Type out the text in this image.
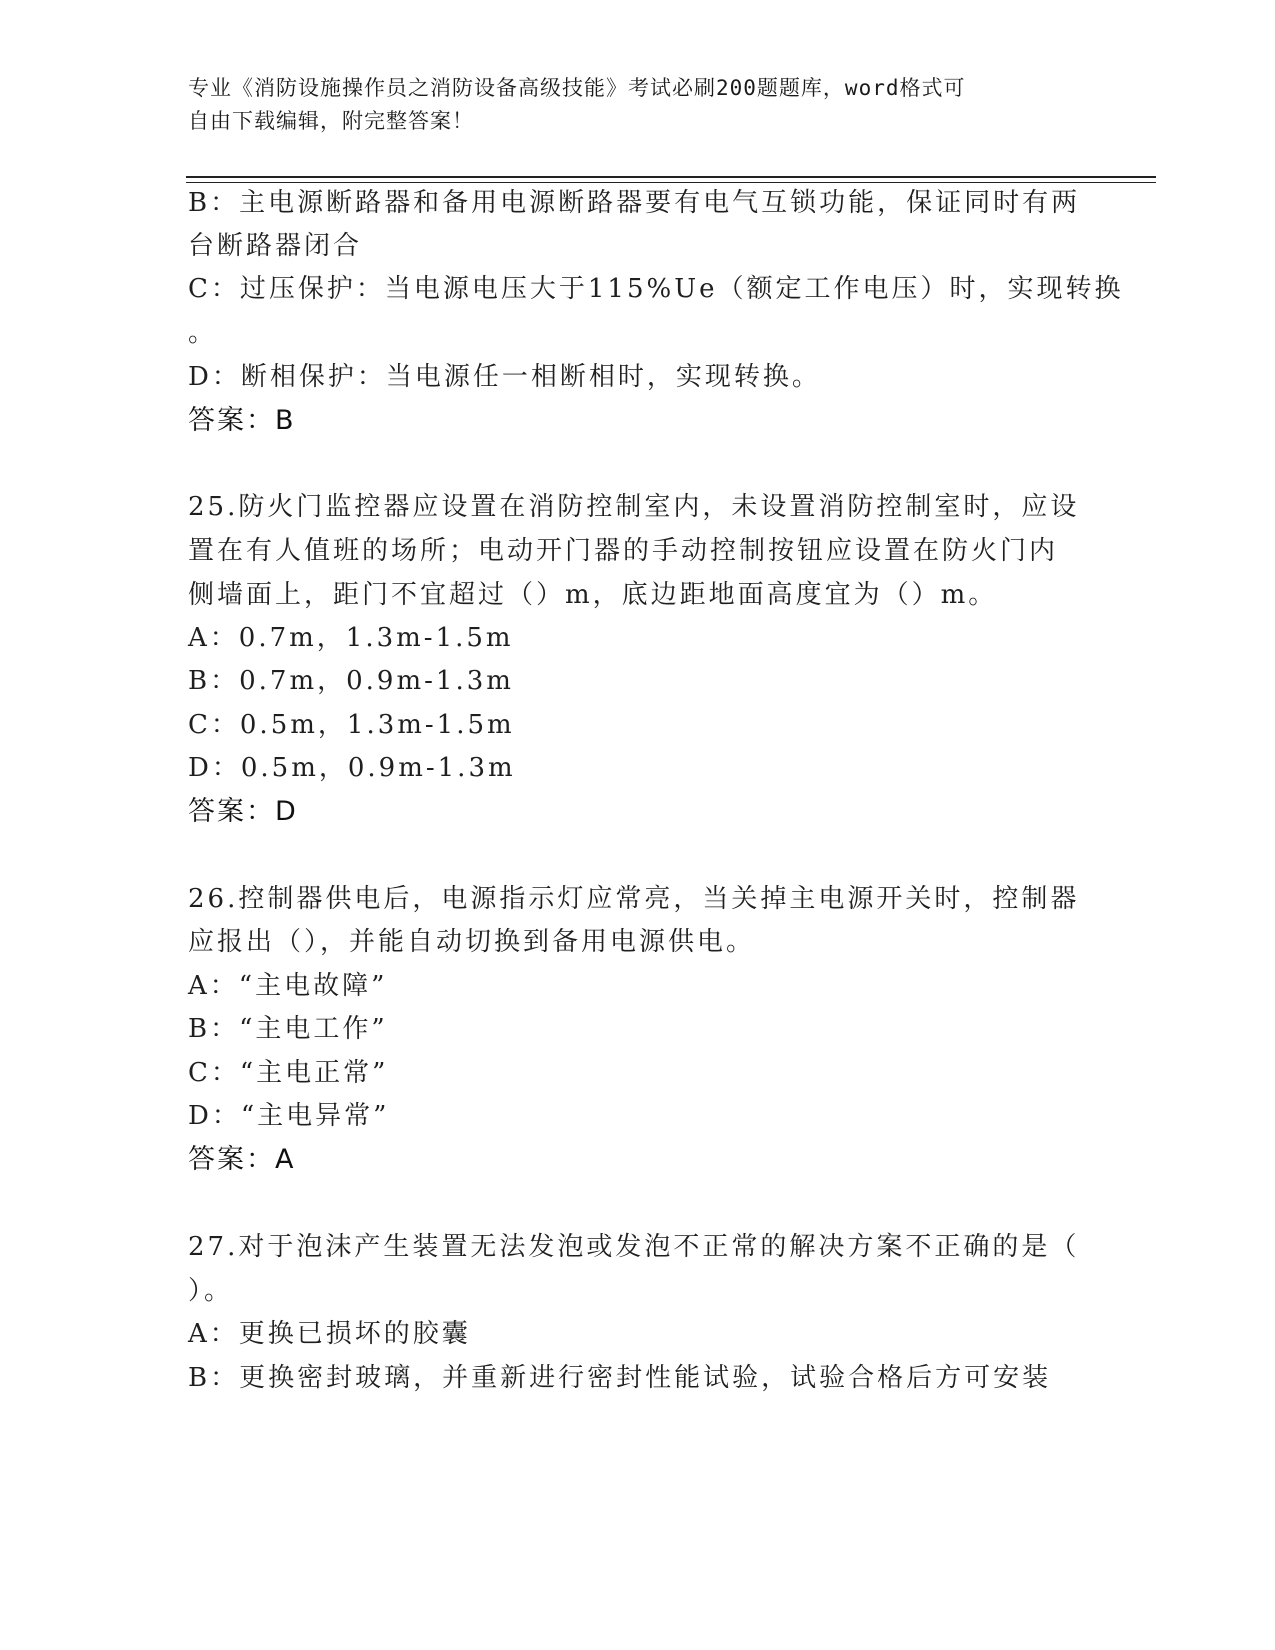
专业《消防设施操作员之消防设备高级技能》考试必刷200题题库，word格式可
自由下载编辑，附完整答案！
B：主电源断路器和备用电源断路器要有电气互锁功能，保证同时有两
台断路器闭合
C：过压保护：当电源电压大于115%Ue（额定工作电压）时，实现转换
。
D：断相保护：当电源任一相断相时，实现转换。
答案：B
25.防火门监控器应设置在消防控制室内，未设置消防控制室时，应设
置在有人值班的场所；电动开门器的手动控制按钮应设置在防火门内
侧墙面上，距门不宜超过（）m，底边距地面高度宜为（）m。
A：0.7m，1.3m-1.5m
B：0.7m，0.9m-1.3m
C：0.5m，1.3m-1.5m
D：0.5m，0.9m-1.3m
答案：D
26.控制器供电后，电源指示灯应常亮，当关掉主电源开关时，控制器
应报出（），并能自动切换到备用电源供电。
A：“主电故障”
B：“主电工作”
C：“主电正常”
D：“主电异常”
答案：A
27.对于泡沫产生装置无法发泡或发泡不正常的解决方案不正确的是（
）。
A：更换已损坏的胶囊
B：更换密封玻璃，并重新进行密封性能试验，试验合格后方可安装
